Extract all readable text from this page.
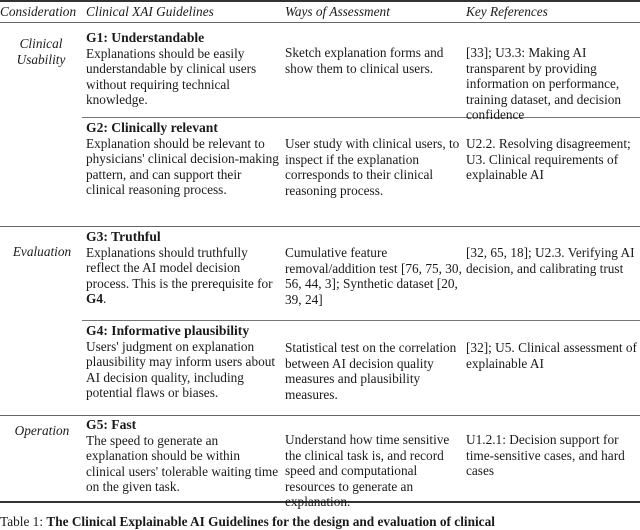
Consideration Clinical XAI Guidelines	Ways of Assessment	Key References
Clinical Usability
Evaluation
Operation
G1: Understandable
Explanations should be easily understandable by clinical users without requiring technical knowledge.
Sketch explanation forms and show them to clinical users.
[33]; U3.3: Making AI transparent by providing information on performance, training dataset, and decision confidence
G2: Clinically relevant
Explanation should be relevant to physicians' clinical decision-making pattern, and can support their clinical reasoning process.
User study with clinical users, to inspect if the explanation corresponds to their clinical reasoning process.
U2.2. Resolving disagreement; U3. Clinical requirements of explainable AI
G3: Truthful
Explanations should truthfully reflect the AI model decision process. This is the prerequisite for G4.
Cumulative feature removal/addition test [76, 75, 30, 56, 44, 3]; Synthetic dataset [20, 39, 24]
[32, 65, 18]; U2.3. Verifying AI decision, and calibrating trust
G4: Informative plausibility
Users' judgment on explanation plausibility may inform users about AI decision quality, including potential flaws or biases.
Statistical test on the correlation between AI decision quality measures and plausibility measures.
[32]; U5. Clinical assessment of explainable AI
G5: Fast
The speed to generate an explanation should be within clinical users' tolerable waiting time on the given task.
Understand how time sensitive the clinical task is, and record speed and computational resources to generate an explanation.
U1.2.1: Decision support for time-sensitive cases, and hard cases
Table 1: The Clinical Explainable AI Guidelines for the design and evaluation of clinical
